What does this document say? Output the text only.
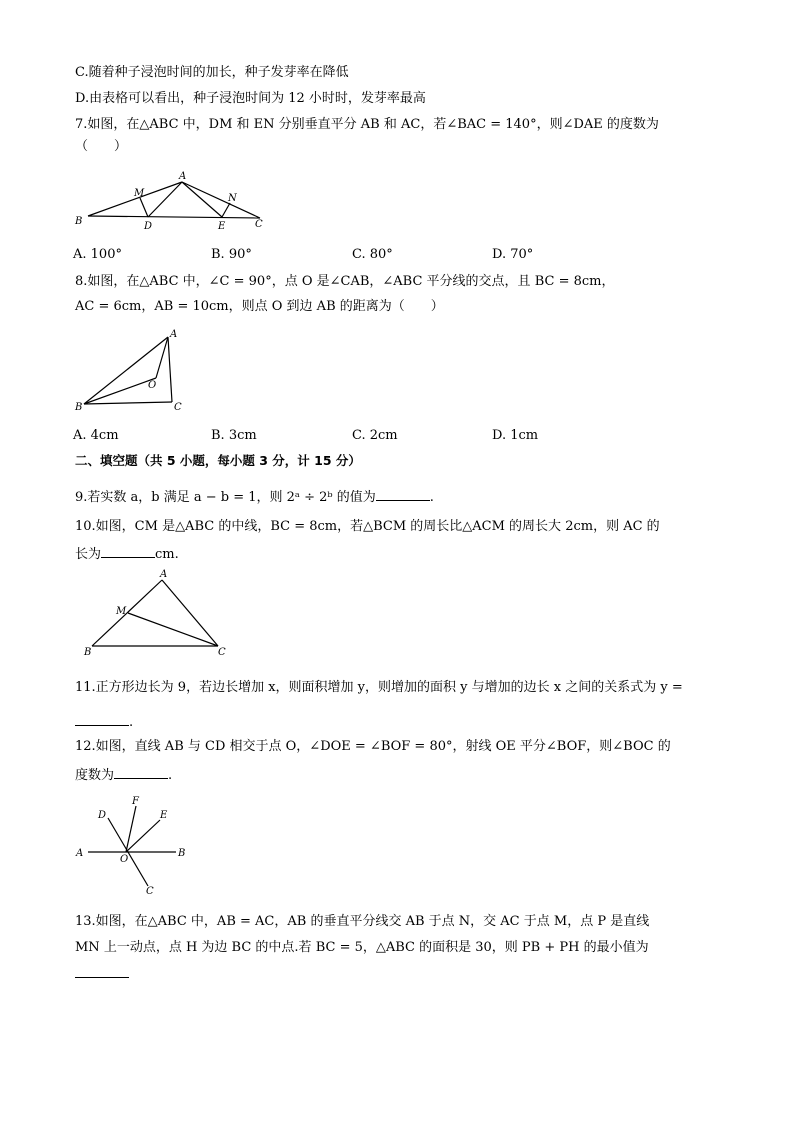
C.随着种子浸泡时间的加长，种子发芽率在降低
D.由表格可以看出，种子浸泡时间为 12 小时时，发芽率最高
7.如图，在△ABC 中，DM 和 EN 分别垂直平分 AB 和 AC，若∠BAC = 140°，则∠DAE 的度数为
（　　）
B
M
A
N
D	E	C
A. 100°	B. 90°	C. 80°	D. 70°
8.如图，在△ABC 中，∠C = 90°，点 O 是∠CAB，∠ABC 平分线的交点，且 BC = 8cm，
AC = 6cm，AB = 10cm，则点 O 到边 AB 的距离为（　　）
A
O
B	C
A. 4cm	B. 3cm	C. 2cm	D. 1cm
二、填空题（共 5 小题，每小题 3 分，计 15 分）
9.若实数 a，b 满足 a − b = 1，则 2ᵃ ÷ 2ᵇ 的值为	.
10.如图，CM 是△ABC 的中线，BC = 8cm，若△BCM 的周长比△ACM 的周长大 2cm，则 AC 的
长为	cm.
A
M
B	C
11.正方形边长为 9，若边长增加 x，则面积增加 y，则增加的面积 y 与增加的边长 x 之间的关系式为 y =
.
12.如图，直线 AB 与 CD 相交于点 O，∠DOE = ∠BOF = 80°，射线 OE 平分∠BOF，则∠BOC 的
度数为	.
F
D	E
A
O
B
C
13.如图，在△ABC 中，AB = AC，AB 的垂直平分线交 AB 于点 N，交 AC 于点 M，点 P 是直线
MN 上一动点，点 H 为边 BC 的中点.若 BC = 5，△ABC 的面积是 30，则 PB + PH 的最小值为
